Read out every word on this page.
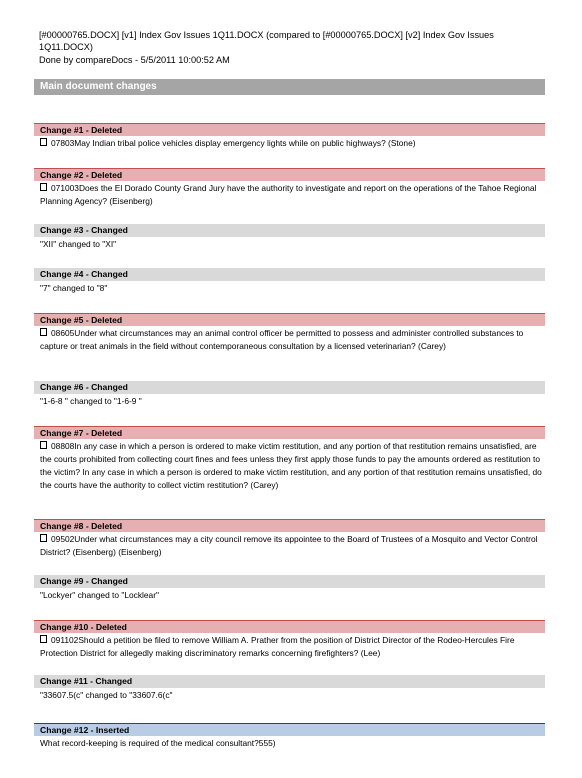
[#00000765.DOCX] [v1] Index Gov Issues 1Q11.DOCX (compared to [#00000765.DOCX] [v2] Index Gov Issues 1Q11.DOCX)
Done by compareDocs - 5/5/2011 10:00:52 AM
Main document changes
Change #1 - Deleted
07803May Indian tribal police vehicles display emergency lights while on public highways? (Stone)
Change #2 - Deleted
071003Does the El Dorado County Grand Jury have the authority to investigate and report on the operations of the Tahoe Regional Planning Agency? (Eisenberg)
Change #3 - Changed
"XII" changed to "XI"
Change #4 - Changed
"7" changed to "8"
Change #5 - Deleted
08605Under what circumstances may an animal control officer be permitted to possess and administer controlled substances to capture or treat animals in the field without contemporaneous consultation by a licensed veterinarian? (Carey)
Change #6 - Changed
"1-6-8 " changed to "1-6-9 "
Change #7 - Deleted
08808In any case in which a person is ordered to make victim restitution, and any portion of that restitution remains unsatisfied, are the courts prohibited from collecting court fines and fees unless they first apply those funds to pay the amounts ordered as restitution to the victim? In any case in which a person is ordered to make victim restitution, and any portion of that restitution remains unsatisfied, do the courts have the authority to collect victim restitution? (Carey)
Change #8 - Deleted
09502Under what circumstances may a city council remove its appointee to the Board of Trustees of a Mosquito and Vector Control District? (Eisenberg) (Eisenberg)
Change #9 - Changed
"Lockyer" changed to "Locklear"
Change #10 - Deleted
091102Should a petition be filed to remove William A. Prather from the position of District Director of the Rodeo-Hercules Fire Protection District for allegedly making discriminatory remarks concerning firefighters? (Lee)
Change #11 - Changed
"33607.5(c" changed to "33607.6(c"
Change #12 - Inserted
What record-keeping is required of the medical consultant?555)
